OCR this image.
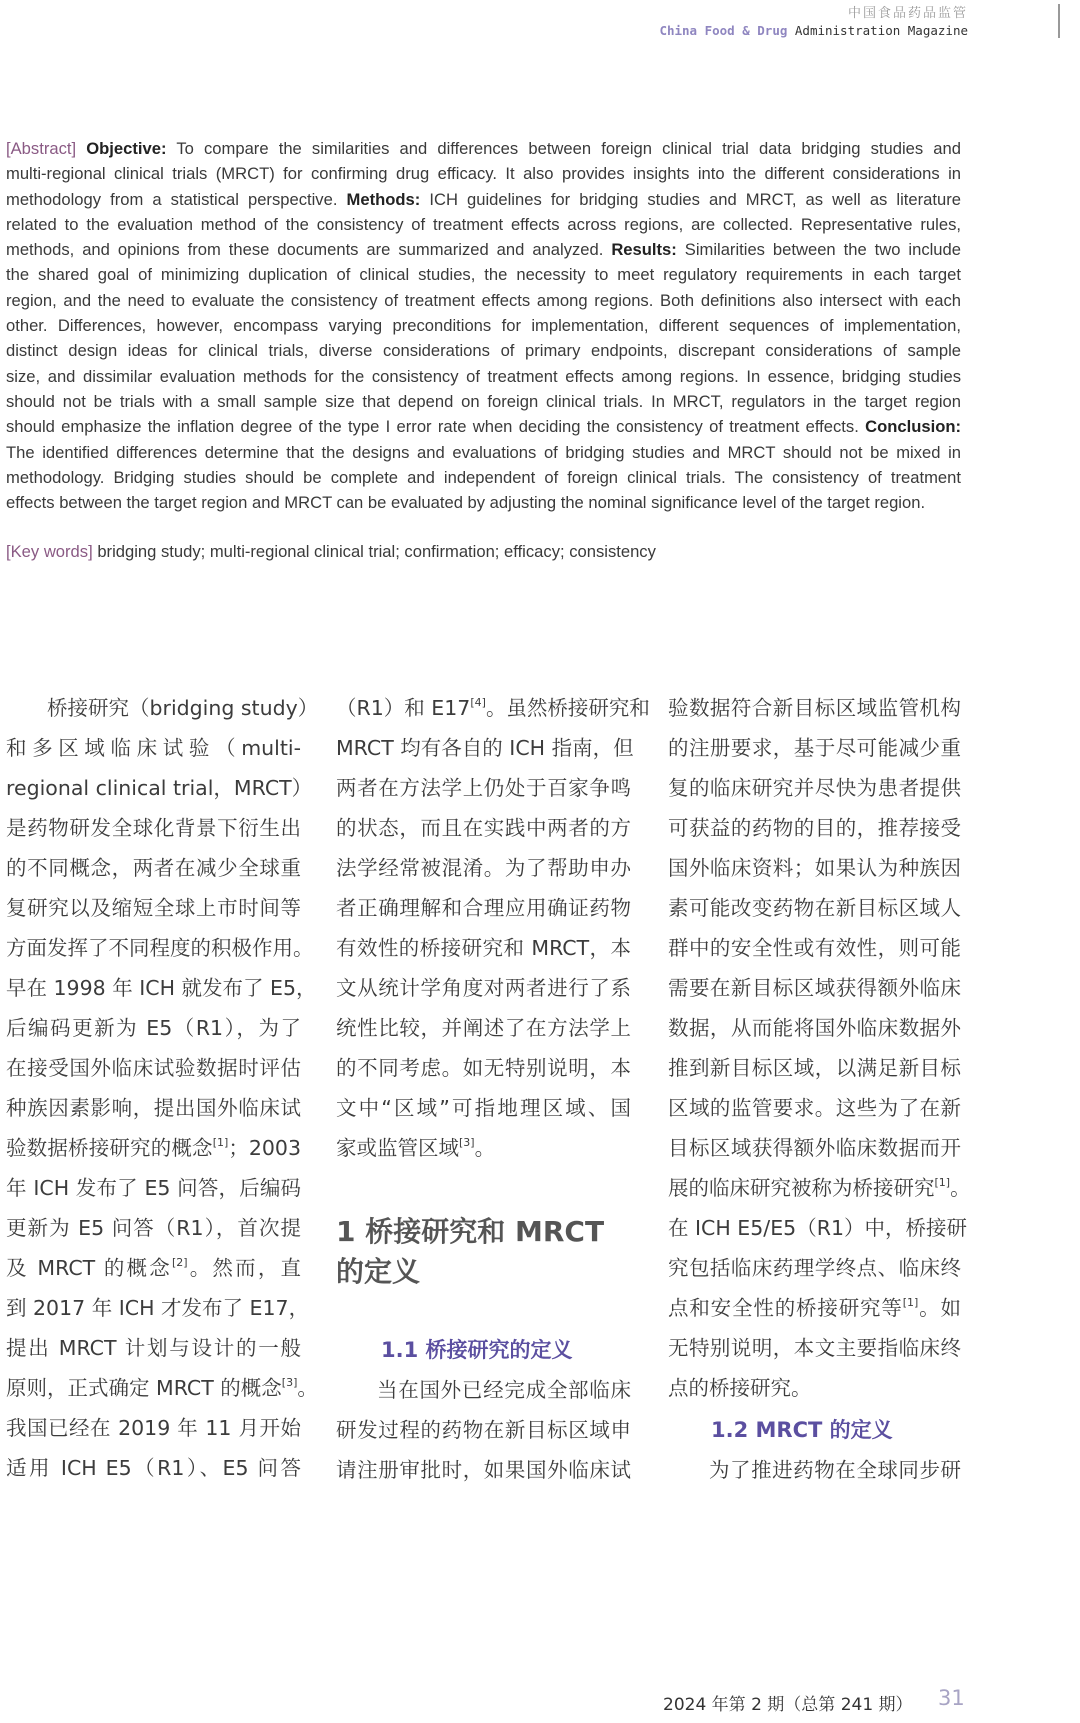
中国食品药品监管
China Food & Drug Administration Magazine
[Abstract] Objective: To compare the similarities and differences between foreign clinical trial data bridging studies and
multi-regional clinical trials (MRCT) for confirming drug efficacy. It also provides insights into the different considerations in
methodology from a statistical perspective. Methods: ICH guidelines for bridging studies and MRCT, as well as literature
related to the evaluation method of the consistency of treatment effects across regions, are collected. Representative rules,
methods, and opinions from these documents are summarized and analyzed. Results: Similarities between the two include
the shared goal of minimizing duplication of clinical studies, the necessity to meet regulatory requirements in each target
region, and the need to evaluate the consistency of treatment effects among regions. Both definitions also intersect with each
other. Differences, however, encompass varying preconditions for implementation, different sequences of implementation,
distinct design ideas for clinical trials, diverse considerations of primary endpoints, discrepant considerations of sample
size, and dissimilar evaluation methods for the consistency of treatment effects among regions. In essence, bridging studies
should not be trials with a small sample size that depend on foreign clinical trials. In MRCT, regulators in the target region
should emphasize the inflation degree of the type I error rate when deciding the consistency of treatment effects. Conclusion:
The identified differences determine that the designs and evaluations of bridging studies and MRCT should not be mixed in
methodology. Bridging studies should be complete and independent of foreign clinical trials. The consistency of treatment
effects between the target region and MRCT can be evaluated by adjusting the nominal significance level of the target region.
[Key words] bridging study; multi-regional clinical trial; confirmation; efficacy; consistency
桥接研究（bridging study）
和多区域临床试验（multi-
regional clinical trial，MRCT）
是药物研发全球化背景下衍生出
的不同概念，两者在减少全球重
复研究以及缩短全球上市时间等
方面发挥了不同程度的积极作用。
早在 1998 年 ICH 就发布了 E5，
后编码更新为 E5（R1），为了
在接受国外临床试验数据时评估
种族因素影响，提出国外临床试
验数据桥接研究的概念[1]；2003
年 ICH 发布了 E5 问答，后编码
更新为 E5 问答（R1），首次提
及 MRCT 的概念[2]。然而，直
到 2017 年 ICH 才发布了 E17，
提出 MRCT 计划与设计的一般
原则，正式确定 MRCT 的概念[3]。
我国已经在 2019 年 11 月开始
适用 ICH E5（R1）、E5 问答
（R1）和 E17[4]。虽然桥接研究和
MRCT 均有各自的 ICH 指南，但
两者在方法学上仍处于百家争鸣
的状态，而且在实践中两者的方
法学经常被混淆。为了帮助申办
者正确理解和合理应用确证药物
有效性的桥接研究和 MRCT，本
文从统计学角度对两者进行了系
统性比较，并阐述了在方法学上
的不同考虑。如无特别说明，本
文中“区域”可指地理区域、国
家或监管区域[3]。
1 桥接研究和 MRCT 的定义
1.1 桥接研究的定义
当在国外已经完成全部临床
研发过程的药物在新目标区域申
请注册审批时，如果国外临床试
验数据符合新目标区域监管机构
的注册要求，基于尽可能减少重
复的临床研究并尽快为患者提供
可获益的药物的目的，推荐接受
国外临床资料；如果认为种族因
素可能改变药物在新目标区域人
群中的安全性或有效性，则可能
需要在新目标区域获得额外临床
数据，从而能将国外临床数据外
推到新目标区域，以满足新目标
区域的监管要求。这些为了在新
目标区域获得额外临床数据而开
展的临床研究被称为桥接研究[1]。
在 ICH E5/E5（R1）中，桥接研
究包括临床药理学终点、临床终
点和安全性的桥接研究等[1]。如
无特别说明，本文主要指临床终
点的桥接研究。
1.2 MRCT 的定义
为了推进药物在全球同步研
2024 年第 2 期（总第 241 期） 31
